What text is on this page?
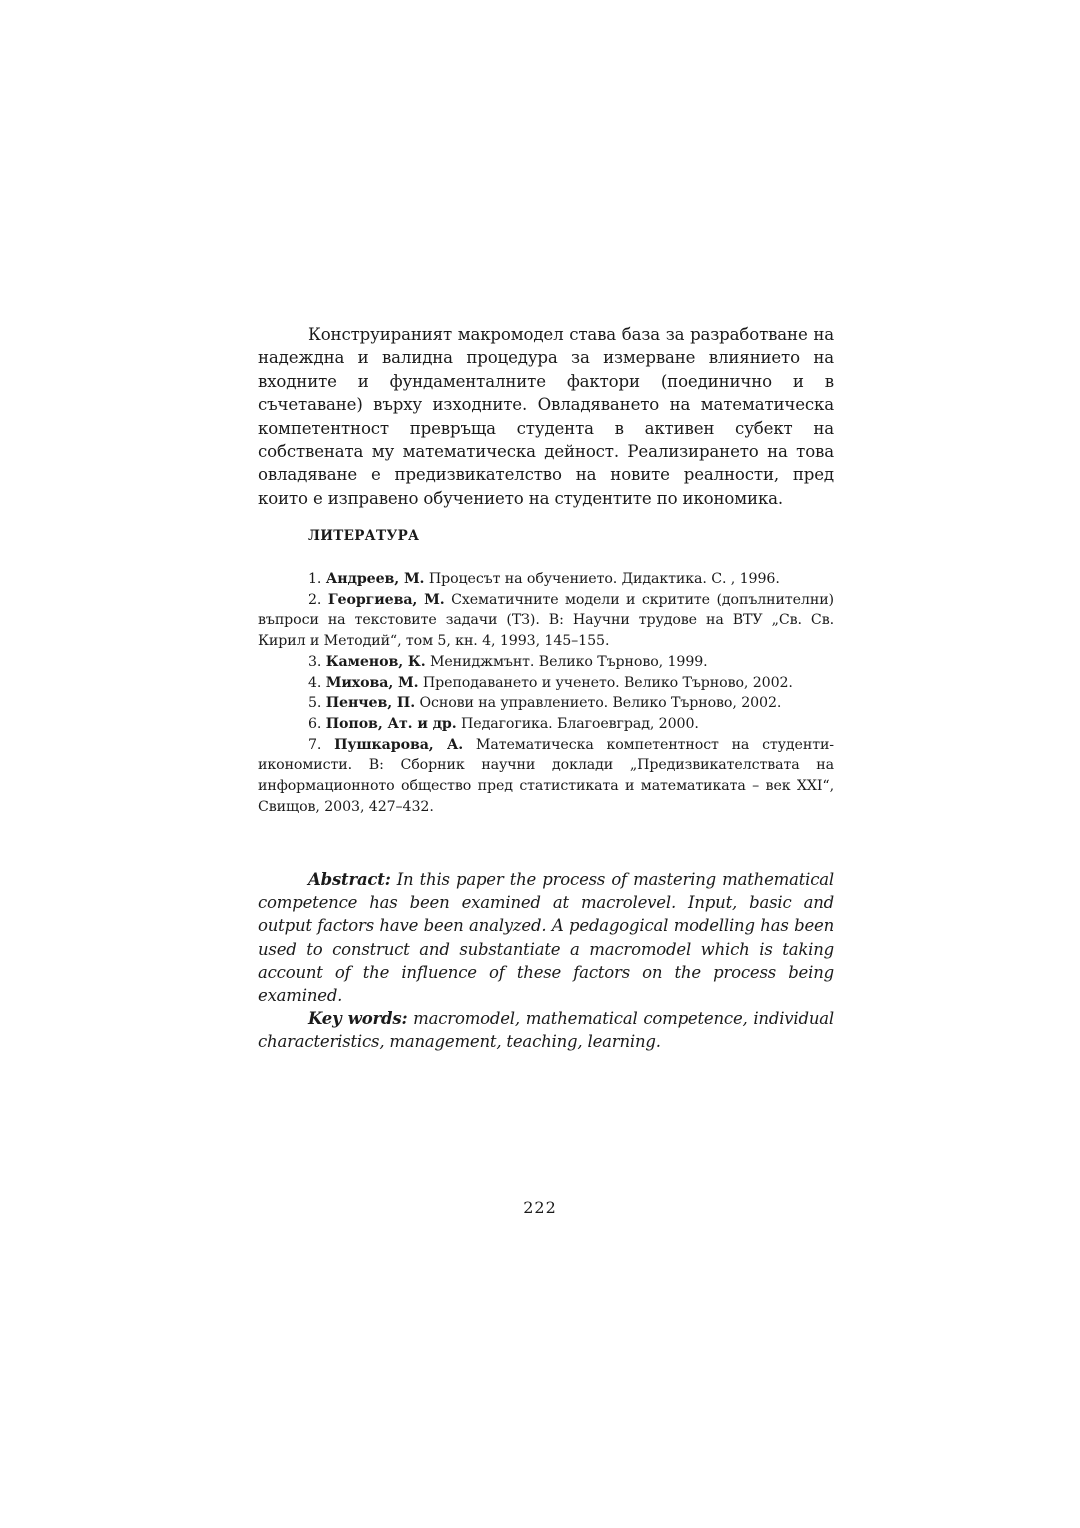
Конструираният макромодел става база за разработване на надеждна и валидна процедура за измерване влиянието на входните и фундаменталните фактори (поединично и в съчетаване) върху изходните. Овладяването на математическа компетентност превръща студента в активен субект на собствената му математическа дейност. Реализирането на това овладяване е предизвикателство на новите реалности, пред които е изправено обучението на студентите по икономика.

ЛИТЕРАТУРА
1. Андреев, М. Процесът на обучението. Дидактика. С. , 1996.
2. Георгиева, М. Схематичните модели и скритите (допълнителни) въпроси на текстовите задачи (ТЗ). В: Научни трудове на ВТУ „Св. Св. Кирил и Методий“, том 5, кн. 4, 1993, 145–155.
3. Каменов, К. Мениджмънт. Велико Търново, 1999.
4. Михова, М. Преподаването и ученето. Велико Търново, 2002.
5. Пенчев, П. Основи на управлението. Велико Търново, 2002.
6. Попов, Ат. и др. Педагогика. Благоевград, 2000.
7. Пушкарова, А. Математическа компетентност на студенти-икономисти. В: Сборник научни доклади „Предизвикателствата на информационното общество пред статистиката и математиката – век XXI“, Свищов, 2003, 427–432.

Abstract: In this paper the process of mastering mathematical competence has been examined at macrolevel. Input, basic and output factors have been analyzed. A pedagogical modelling has been used to construct and substantiate a macromodel which is taking account of the influence of these factors on the process being examined.

Key words: macromodel, mathematical competence, individual characteristics, management, teaching, learning.

222
